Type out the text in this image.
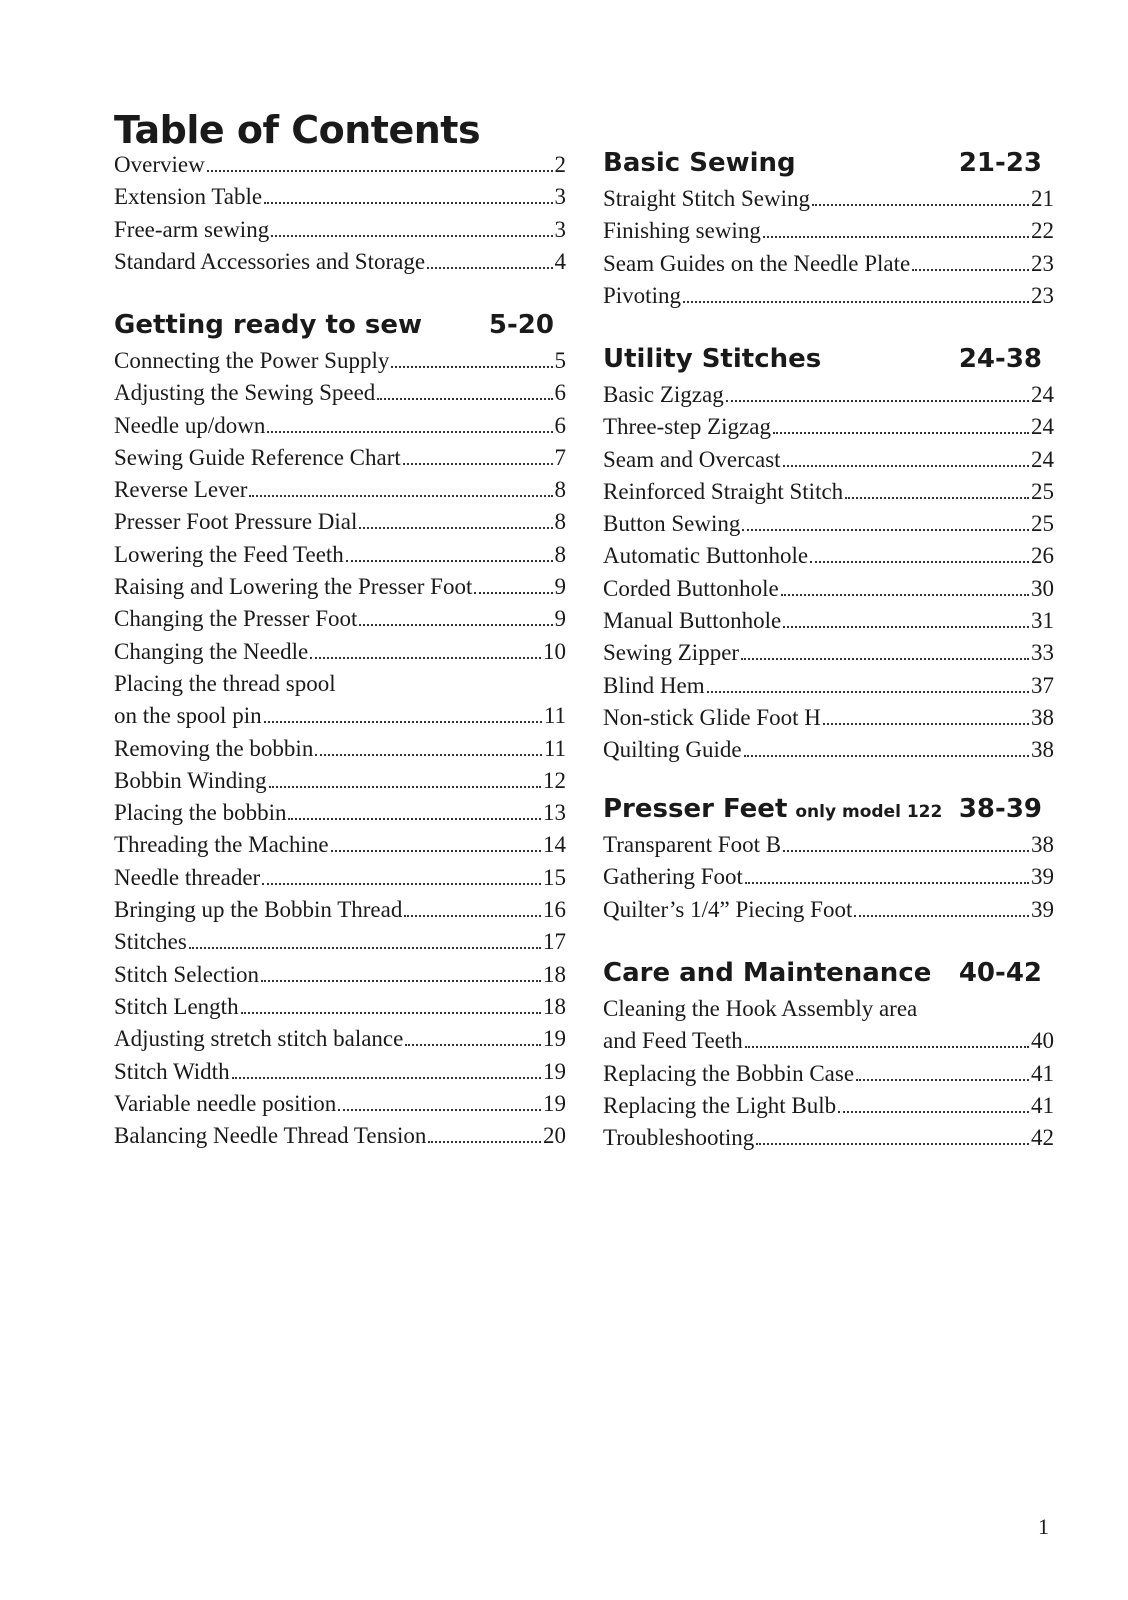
Table of Contents
Overview	2
Extension Table	3
Free-arm sewing	3
Standard Accessories and Storage	4
Getting ready to sew	5-20
Connecting the Power Supply	5
Adjusting the Sewing Speed	6
Needle up/down	6
Sewing Guide Reference Chart	7
Reverse Lever	8
Presser Foot Pressure Dial	8
Lowering the Feed Teeth	8
Raising and Lowering the Presser Foot	9
Changing the Presser Foot	9
Changing the Needle	10
Placing the thread spool
on the spool pin	11
Removing the bobbin	11
Bobbin Winding	12
Placing the bobbin	13
Threading the Machine	14
Needle threader	15
Bringing up the Bobbin Thread	16
Stitches	17
Stitch Selection	18
Stitch Length	18
Adjusting stretch stitch balance	19
Stitch Width	19
Variable needle position	19
Balancing Needle Thread Tension	20
Basic Sewing	21-23
Straight Stitch Sewing	21
Finishing sewing	22
Seam Guides on the Needle Plate	23
Pivoting	23
Utility Stitches	24-38
Basic Zigzag	24
Three-step Zigzag	24
Seam and Overcast	24
Reinforced Straight Stitch	25
Button Sewing	25
Automatic Buttonhole	26
Corded Buttonhole	30
Manual Buttonhole	31
Sewing Zipper	33
Blind Hem	37
Non-stick Glide Foot H	38
Quilting Guide	38
Presser Feet only model 122 38-39
Transparent Foot B	38
Gathering Foot	39
Quilter’s 1/4” Piecing Foot	39
Care and Maintenance 40-42
Cleaning the Hook Assembly area
and Feed Teeth	40
Replacing the Bobbin Case	41
Replacing the Light Bulb	41
Troubleshooting	42
1
